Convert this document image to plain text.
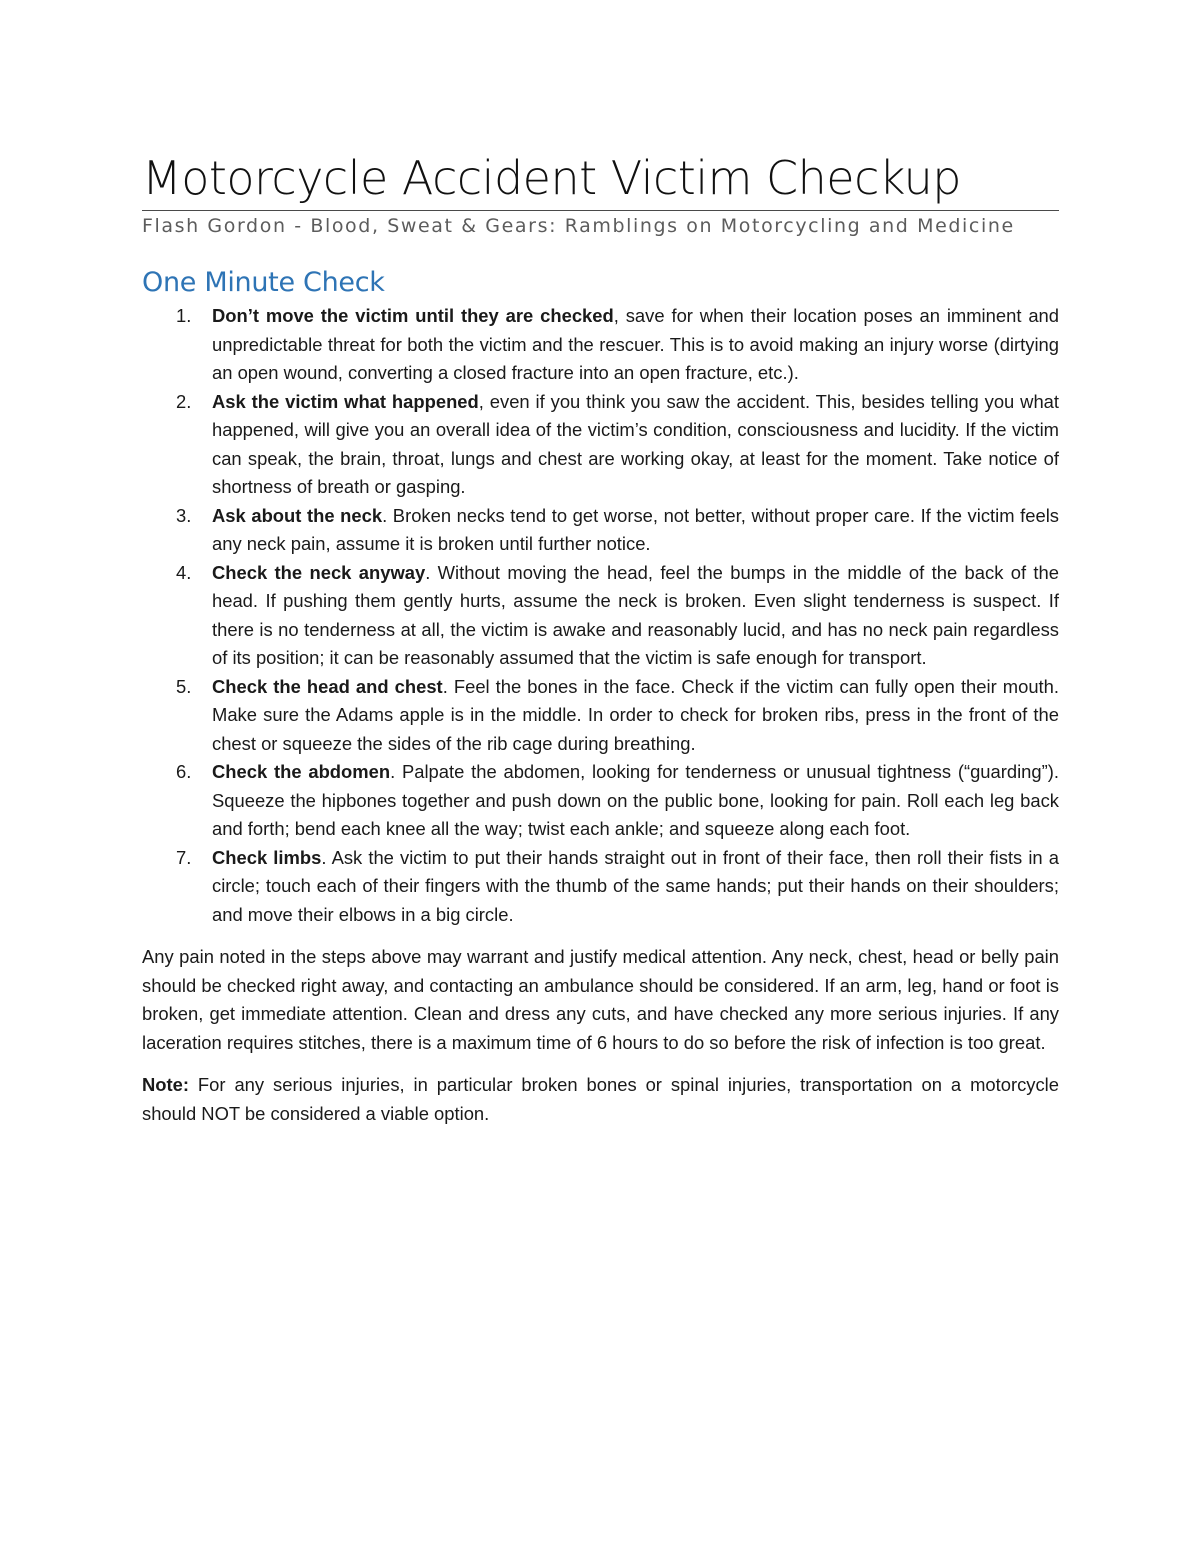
Motorcycle Accident Victim Checkup
Flash Gordon - Blood, Sweat & Gears: Ramblings on Motorcycling and Medicine
One Minute Check
1. Don’t move the victim until they are checked, save for when their location poses an imminent and unpredictable threat for both the victim and the rescuer. This is to avoid making an injury worse (dirtying an open wound, converting a closed fracture into an open fracture, etc.).
2. Ask the victim what happened, even if you think you saw the accident. This, besides telling you what happened, will give you an overall idea of the victim’s condition, consciousness and lucidity. If the victim can speak, the brain, throat, lungs and chest are working okay, at least for the moment. Take notice of shortness of breath or gasping.
3. Ask about the neck. Broken necks tend to get worse, not better, without proper care. If the victim feels any neck pain, assume it is broken until further notice.
4. Check the neck anyway. Without moving the head, feel the bumps in the middle of the back of the head. If pushing them gently hurts, assume the neck is broken. Even slight tenderness is suspect. If there is no tenderness at all, the victim is awake and reasonably lucid, and has no neck pain regardless of its position; it can be reasonably assumed that the victim is safe enough for transport.
5. Check the head and chest. Feel the bones in the face. Check if the victim can fully open their mouth. Make sure the Adams apple is in the middle. In order to check for broken ribs, press in the front of the chest or squeeze the sides of the rib cage during breathing.
6. Check the abdomen. Palpate the abdomen, looking for tenderness or unusual tightness (“guarding”). Squeeze the hipbones together and push down on the public bone, looking for pain. Roll each leg back and forth; bend each knee all the way; twist each ankle; and squeeze along each foot.
7. Check limbs. Ask the victim to put their hands straight out in front of their face, then roll their fists in a circle; touch each of their fingers with the thumb of the same hands; put their hands on their shoulders; and move their elbows in a big circle.

Any pain noted in the steps above may warrant and justify medical attention. Any neck, chest, head or belly pain should be checked right away, and contacting an ambulance should be considered. If an arm, leg, hand or foot is broken, get immediate attention. Clean and dress any cuts, and have checked any more serious injuries. If any laceration requires stitches, there is a maximum time of 6 hours to do so before the risk of infection is too great.

Note: For any serious injuries, in particular broken bones or spinal injuries, transportation on a motorcycle should NOT be considered a viable option.
